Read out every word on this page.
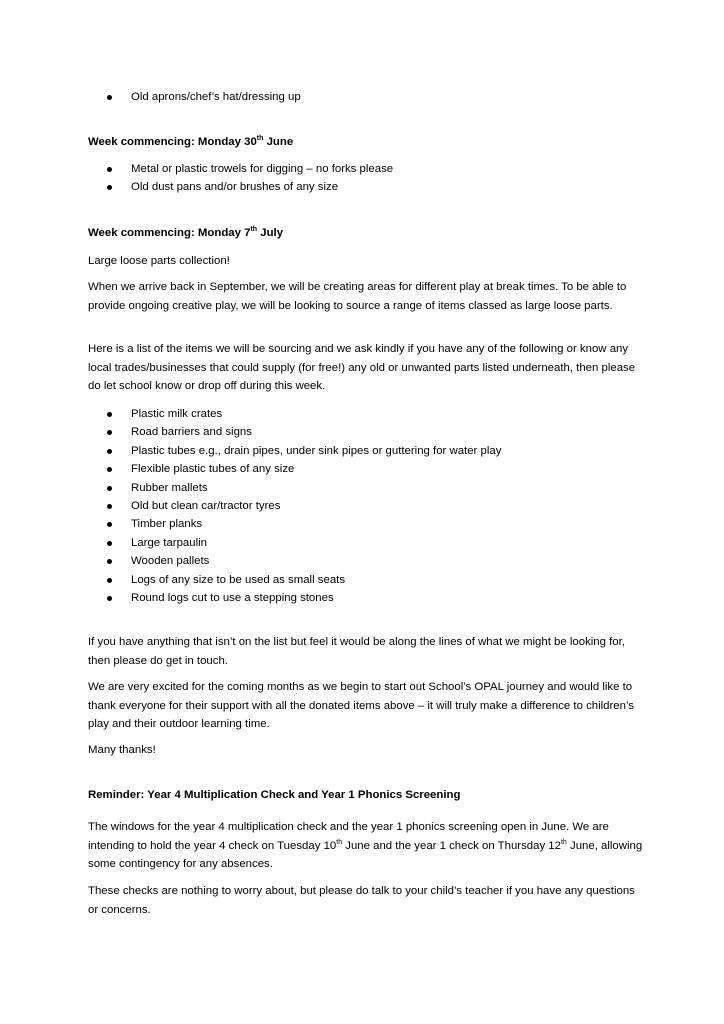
Old aprons/chef’s hat/dressing up
Week commencing: Monday 30th June
Metal or plastic trowels for digging – no forks please
Old dust pans and/or brushes of any size
Week commencing: Monday 7th July

Large loose parts collection!

When we arrive back in September, we will be creating areas for different play at break times. To be able to provide ongoing creative play, we will be looking to source a range of items classed as large loose parts.

Here is a list of the items we will be sourcing and we ask kindly if you have any of the following or know any local trades/businesses that could supply (for free!) any old or unwanted parts listed underneath, then please do let school know or drop off during this week.

Plastic milk crates
Road barriers and signs
Plastic tubes e.g., drain pipes, under sink pipes or guttering for water play
Flexible plastic tubes of any size
Rubber mallets
Old but clean car/tractor tyres
Timber planks
Large tarpaulin
Wooden pallets
Logs of any size to be used as small seats
Round logs cut to use a stepping stones

If you have anything that isn’t on the list but feel it would be along the lines of what we might be looking for, then please do get in touch.

We are very excited for the coming months as we begin to start out School’s OPAL journey and would like to thank everyone for their support with all the donated items above – it will truly make a difference to children’s play and their outdoor learning time.

Many thanks!

Reminder: Year 4 Multiplication Check and Year 1 Phonics Screening

The windows for the year 4 multiplication check and the year 1 phonics screening open in June. We are intending to hold the year 4 check on Tuesday 10th June and the year 1 check on Thursday 12th June, allowing some contingency for any absences.

These checks are nothing to worry about, but please do talk to your child’s teacher if you have any questions or concerns.
